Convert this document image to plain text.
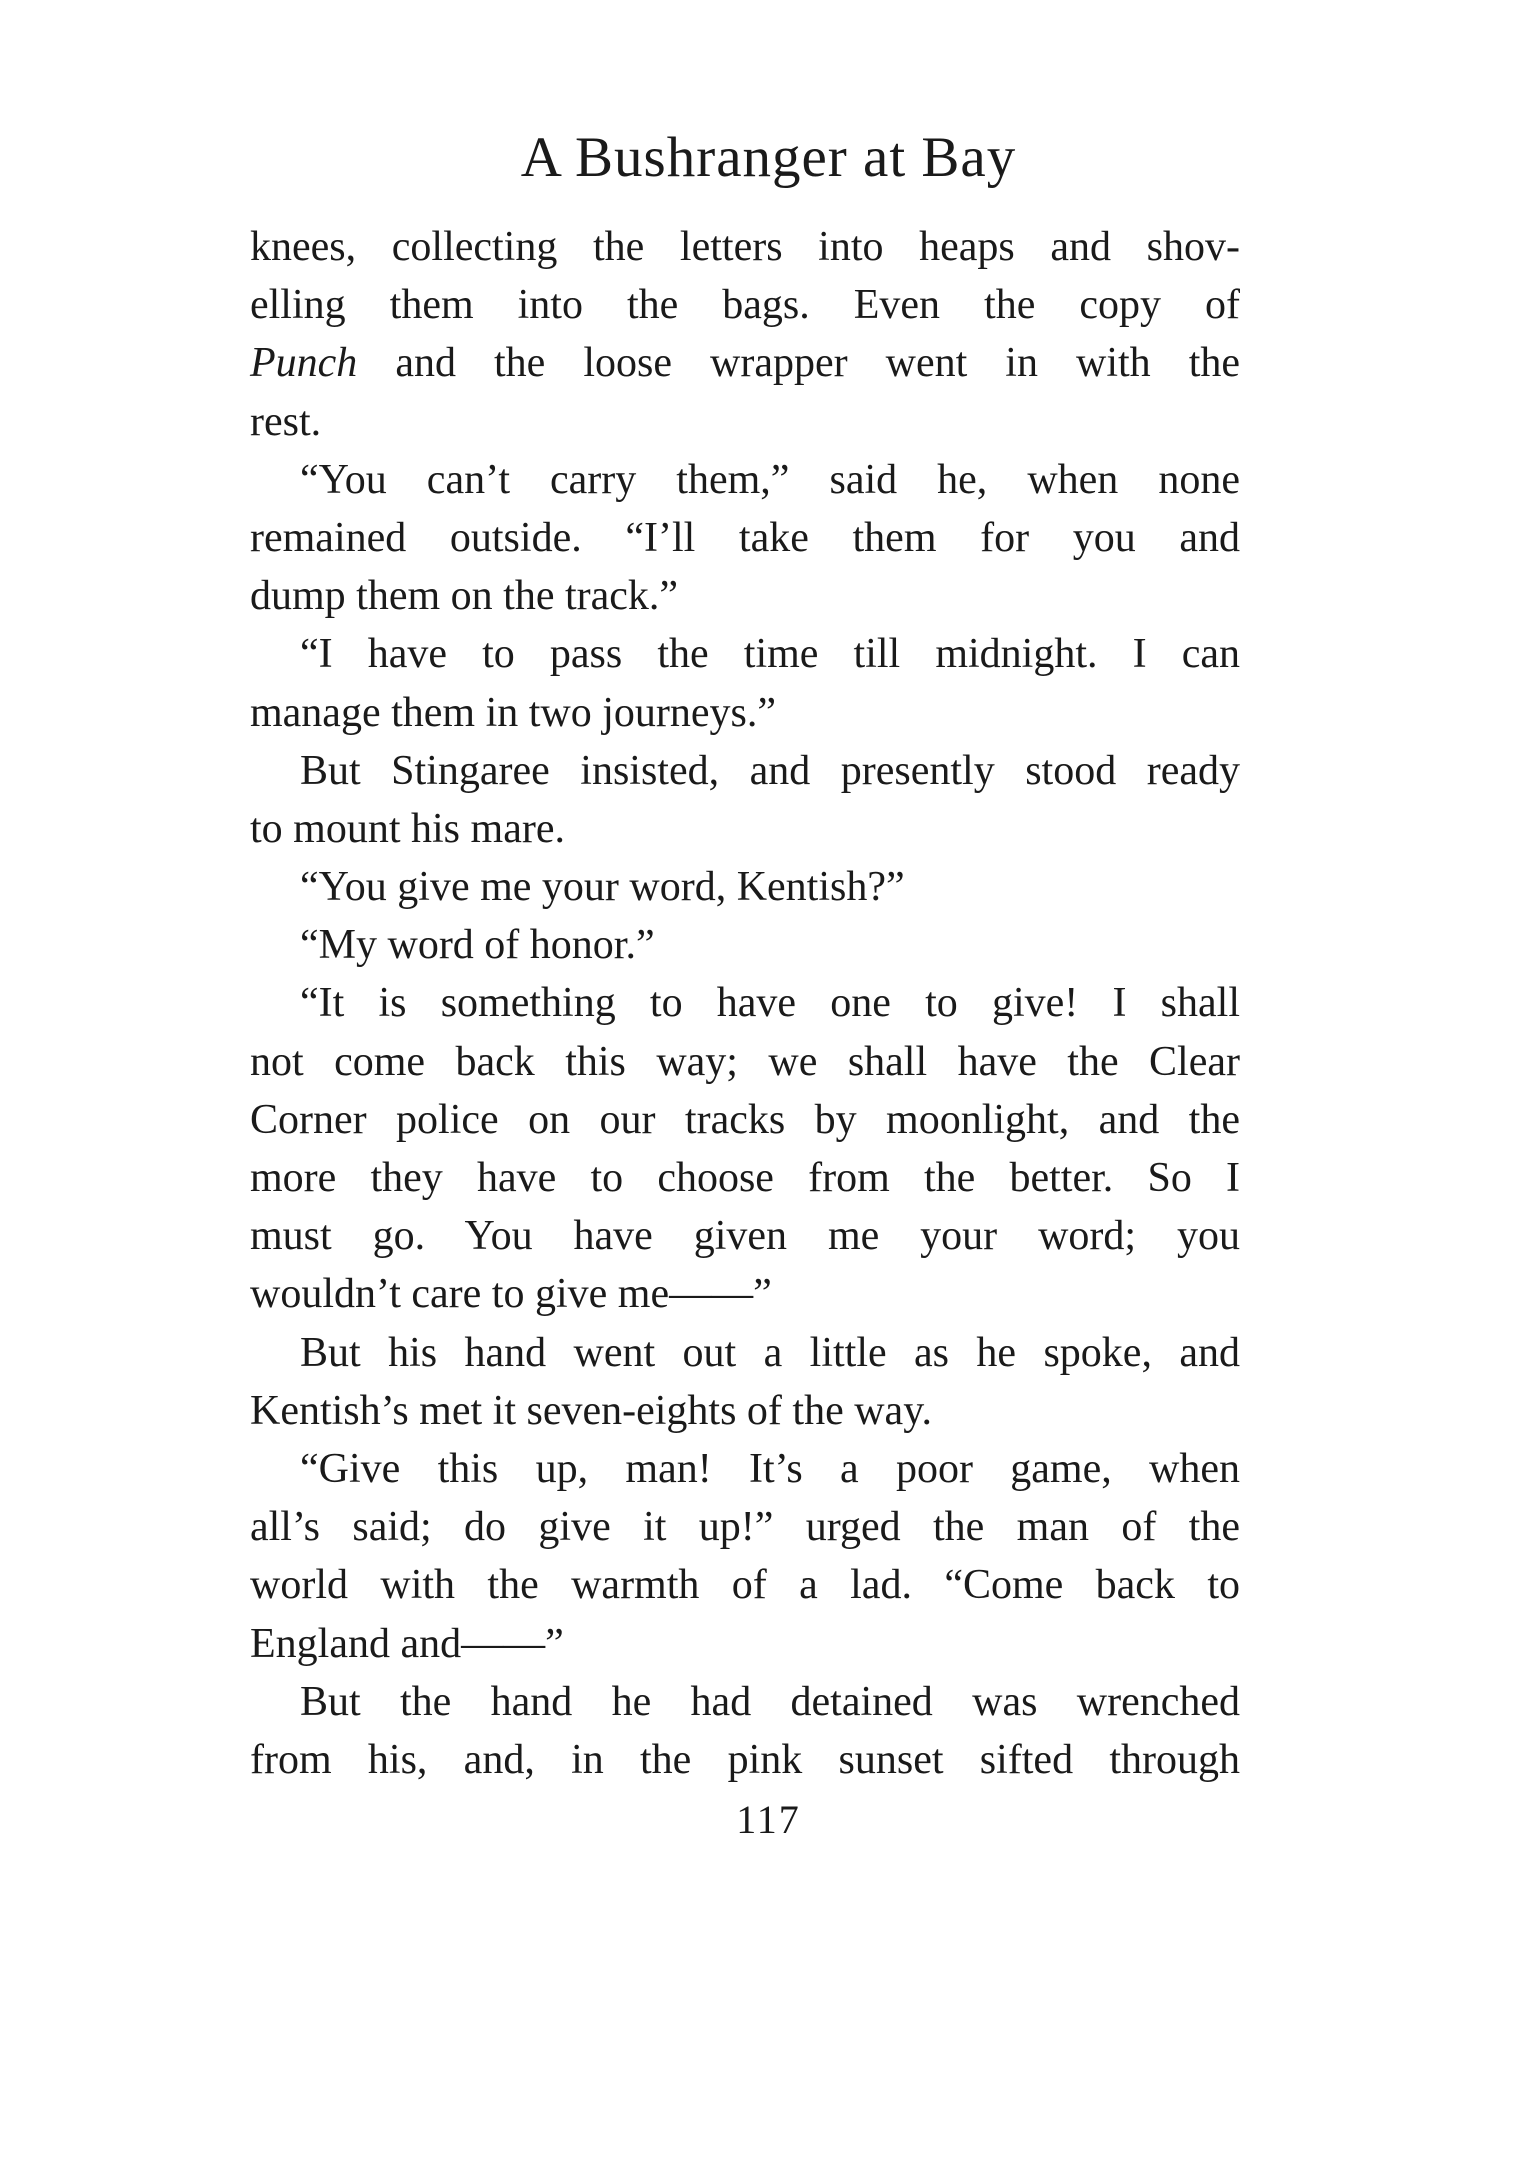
A Bushranger at Bay
knees, collecting the letters into heaps and shov-
elling them into the bags. Even the copy of
Punch and the loose wrapper went in with the
rest.
“You can’t carry them,” said he, when none
remained outside. “I’ll take them for you and
dump them on the track.”
“I have to pass the time till midnight. I can
manage them in two journeys.”
But Stingaree insisted, and presently stood ready
to mount his mare.
“You give me your word, Kentish?”
“My word of honor.”
“It is something to have one to give! I shall
not come back this way; we shall have the Clear
Corner police on our tracks by moonlight, and the
more they have to choose from the better. So I
must go. You have given me your word; you
wouldn’t care to give me——”
But his hand went out a little as he spoke, and
Kentish’s met it seven-eights of the way.
“Give this up, man! It’s a poor game, when
all’s said; do give it up!” urged the man of the
world with the warmth of a lad. “Come back to
England and——”
But the hand he had detained was wrenched
from his, and, in the pink sunset sifted through
117
